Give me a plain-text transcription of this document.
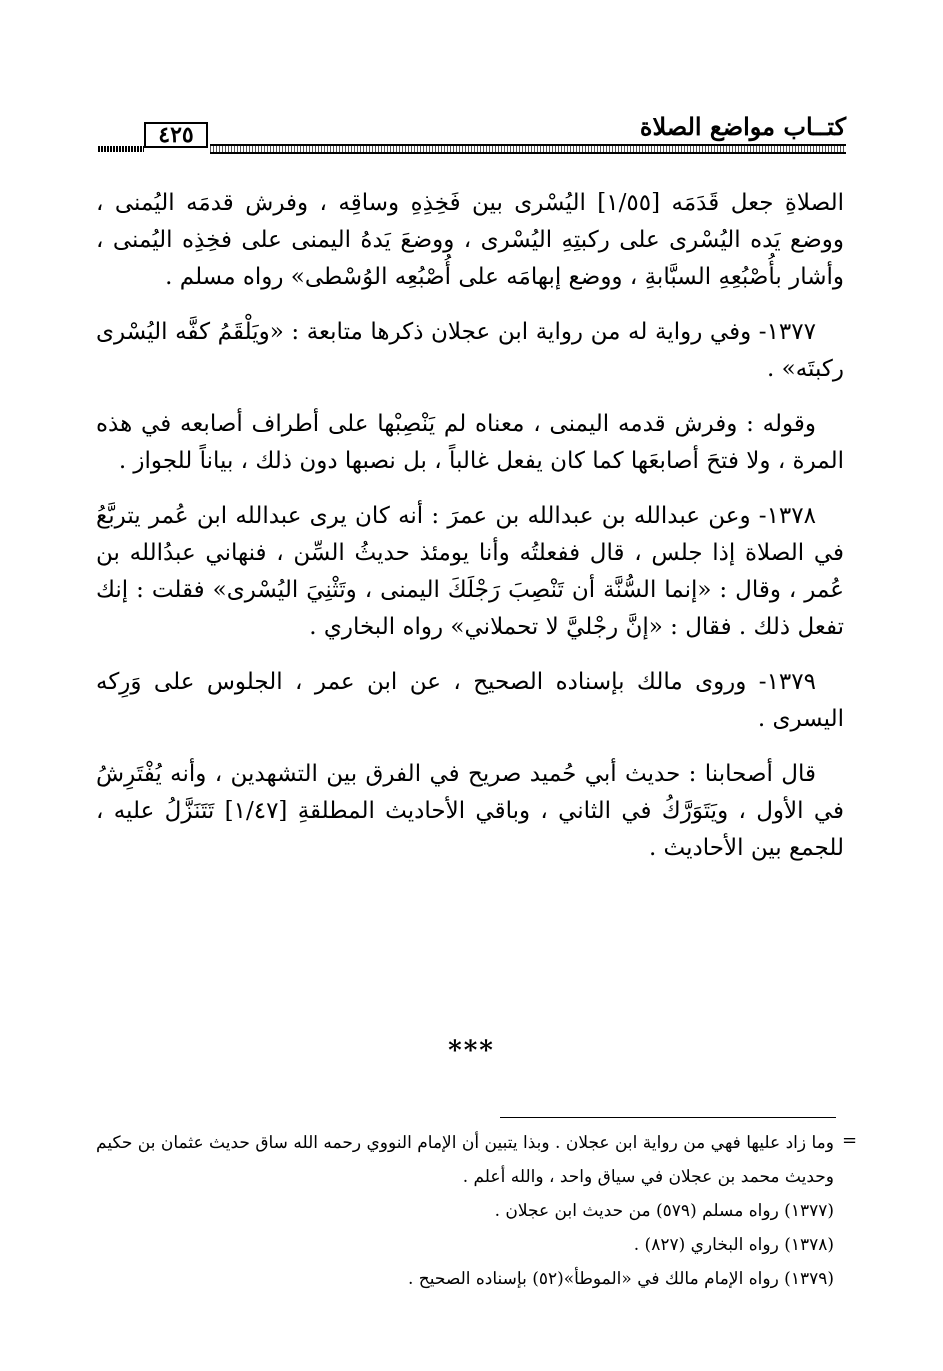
كتــاب مواضع الصلاة
٤٢٥

الصلاةِ جعل قَدَمَه [١/٥٥] اليُسْرى بين فَخِذِهِ وساقِه ، وفرش قدمَه اليُمنى ، ووضع يَده اليُسْرى على ركبتِهِ اليُسْرى ، ووضعَ يَدهُ اليمنى على فخِذِه اليُمنى ، وأشار بأُصْبُعِهِ السبَّابةِ ، ووضع إبهامَه على أُصْبُعِه الوُسْطى» رواه مسلم .

١٣٧٧- وفي رواية له من رواية ابن عجلان ذكرها متابعة : «ويَلْقَمُ كفَّه اليُسْرى ركبتَه» .

وقوله : وفرش قدمه اليمنى ، معناه لم يَنْصِبْها على أطراف أصابعه في هذه المرة ، ولا فتحَ أصابعَها كما كان يفعل غالباً ، بل نصبها دون ذلك ، بياناً للجواز .

١٣٧٨- وعن عبدالله بن عبدالله بن عمرَ : أنه كان يرى عبدالله ابن عُمر يتربَّعُ في الصلاة إذا جلس ، قال ففعلتُه وأنا يومئذ حديثُ السِّن ، فنهاني عبدُالله بن عُمر ، وقال : «إنما السُّنَّة أن تَنْصِبَ رَجْلَكَ اليمنى ، وتَثْنِيَ اليُسْرى» فقلت : إنك تفعل ذلك . فقال : «إنَّ رجْليَّ لا تحملاني» رواه البخاري .

١٣٧٩- وروى مالك بإسناده الصحيح ، عن ابن عمر ، الجلوس على وَرِكه اليسرى .

قال أصحابنا : حديث أبي حُميد صريح في الفرق بين التشهدين ، وأنه يُفْتَرِشُ في الأول ، ويَتَوَرَّكُ في الثاني ، وباقي الأحاديث المطلقةِ [١/٤٧] تَتَنَزَّلُ عليه ، للجمع بين الأحاديث .

***
=

وما زاد عليها فهي من رواية ابن عجلان . وبذا يتبين أن الإمام النووي رحمه الله ساق حديث عثمان بن حكيم وحديث محمد بن عجلان في سياق واحد ، والله أعلم .

(١٣٧٧) رواه مسلم (٥٧٩) من حديث ابن عجلان .

(١٣٧٨) رواه البخاري (٨٢٧) .

(١٣٧٩) رواه الإمام مالك في «الموطأ»(٥٢) بإسناده الصحيح .
